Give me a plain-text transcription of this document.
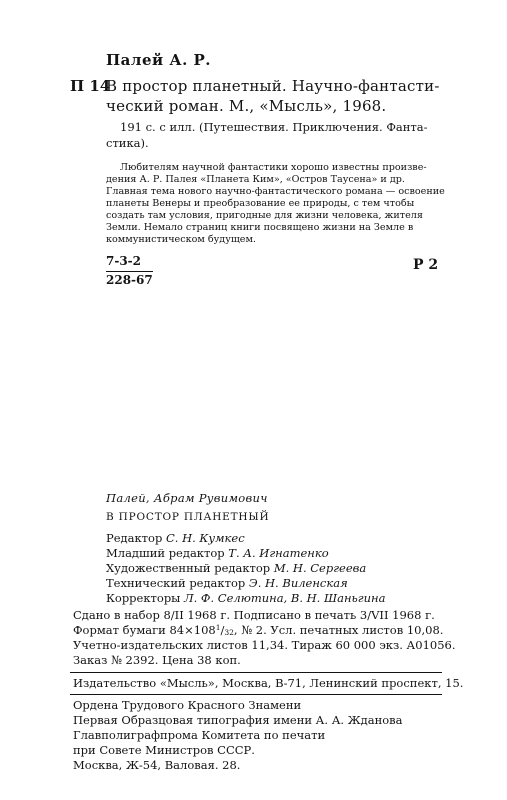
Палей А. Р.
П 14
В простор планетный. Научно-фантасти-
ческий роман. М., «Мысль», 1968.
191 с. с илл. (Путешествия. Приключения. Фанта-
стика).
Любителям научной фантастики хорошо известны произве-
дения А. Р. Палея «Планета Ким», «Остров Таусена» и др.
Главная тема нового научно-фантастического романа — освоение
планеты Венеры и преобразование ее природы, с тем чтобы
создать там условия, пригодные для жизни человека, жителя
Земли. Немало страниц книги посвящено жизни на Земле в
коммунистическом будущем.
7-3-2
228-67
Р 2
Палей, Абрам Рувимович
В ПРОСТОР ПЛАНЕТНЫЙ
Редактор С. Н. Кумкес
Младший редактор Т. А. Игнатенко
Художественный редактор М. Н. Сергеева
Технический редактор Э. Н. Виленская
Корректоры Л. Ф. Селютина, В. Н. Шаньгина
Сдано в набор 8/II 1968 г. Подписано в печать 3/VII 1968 г.
Формат бумаги $84\times 108^1/_{32}$, № 2. Усл. печатных листов 10,08.
Учетно-издательских листов 11,34. Тираж 60 000 экз. А01056.
Заказ № 2392. Цена 38 коп.
Издательство «Мысль», Москва, В-71, Ленинский проспект, 15.
Ордена Трудового Красного Знамени
Первая Образцовая типография имени А. А. Жданова
Главполиграфпрома Комитета по печати
при Совете Министров СССР.
Москва, Ж-54, Валовая. 28.
